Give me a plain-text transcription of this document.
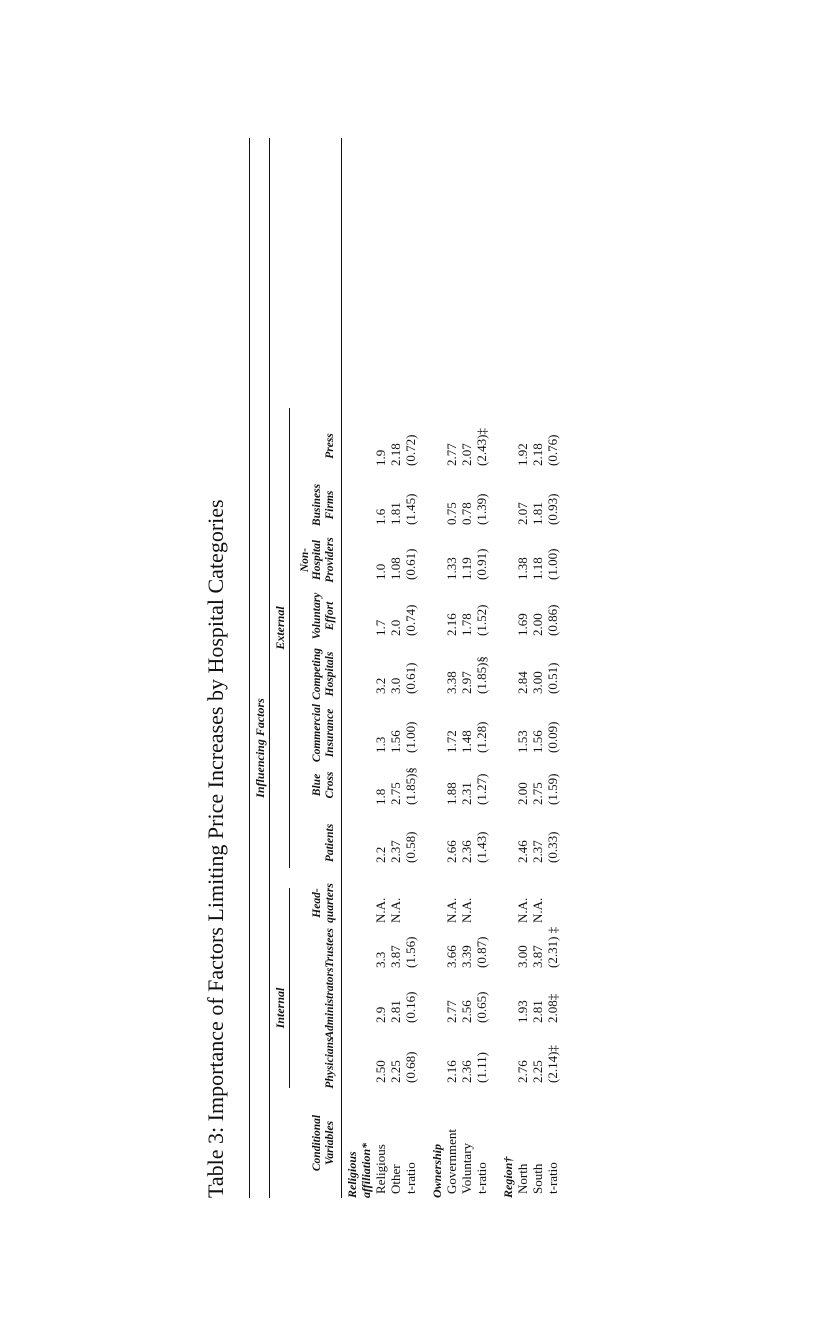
Table 3: Importance of Factors Limiting Price Increases by Hospital Categories Influencing Factors
Internal
External
Conditional Variables
Physicians
Administrators
Trustees
Head- quarters
Patients
Blue Cross
Commercial Insurance
Competing Hospitals
Voluntary Effort
Non- Hospital Providers
Business Firms
Press
Religious affiliation* Religious
2.50
2.9
3.3
N.A.
2.2
1.8
1.3
3.2
1.7
1.0
1.6
1.9
Other
2.25
2.81
3.87
N.A.
2.37
2.75
1.56
3.0
2.0
1.08
1.81
2.18
t-ratio
(0.68)
(0.16)
(1.56)
(0.58)
(1.85)§
(1.00)
(0.61)
(0.74)
(0.61)
(1.45)
(0.72)
Ownership Government
2.16
2.77
3.66
N.A.
2.66
1.88
1.72
3.38
2.16
1.33
0.75
2.77
Voluntary
2.36
2.56
3.39
N.A.
2.36
2.31
1.48
2.97
1.78
1.19
0.78
2.07
t-ratio
(1.11)
(0.65)
(0.87)
(1.43)
(1.27)
(1.28)
(1.85)§
(1.52)
(0.91)
(1.39)
(2.43)‡
Region† North
2.76
1.93
3.00
N.A.
2.46
2.00
1.53
2.84
1.69
1.38
2.07
1.92
South
2.25
2.81
3.87
N.A.
2.37
2.75
1.56
3.00
2.00
1.18
1.81
2.18
t-ratio
(2.14)‡
2.08‡
(2.31) ‡
(0.33)
(1.59)
(0.09)
(0.51)
(0.86)
(1.00)
(0.93)
(0.76)
